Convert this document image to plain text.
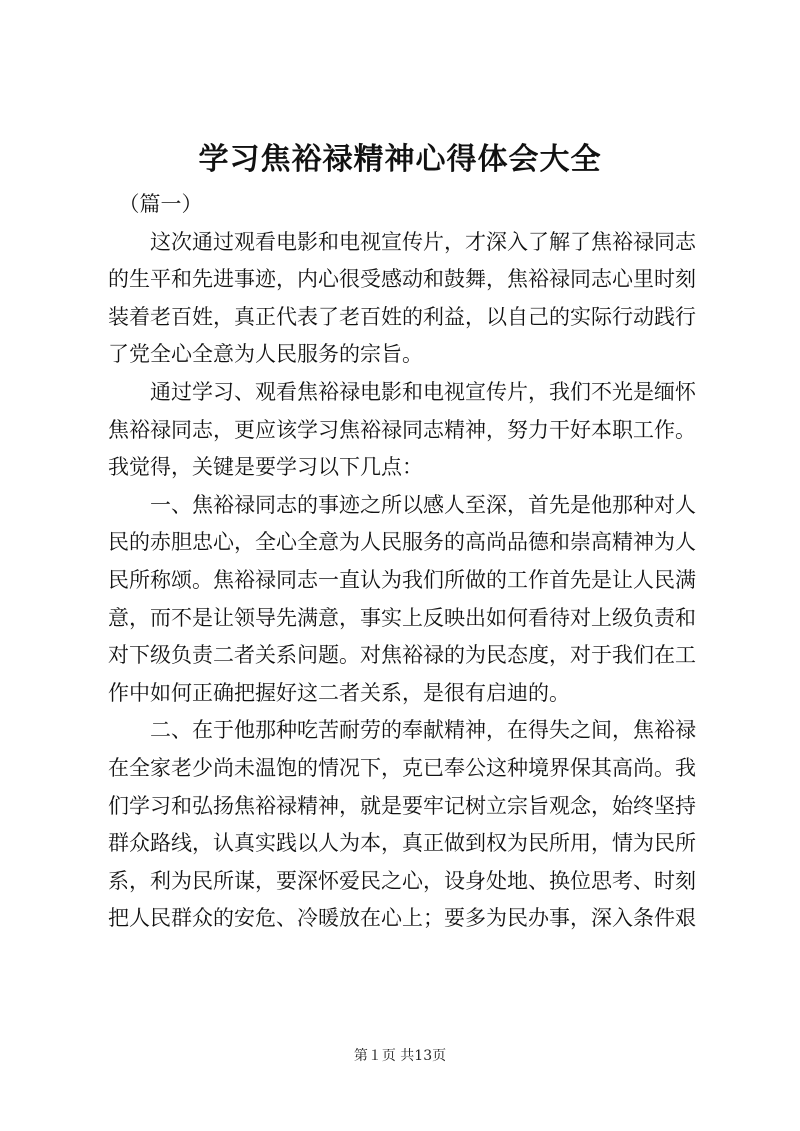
学习焦裕禄精神心得体会大全

　（篇一）

　　这次通过观看电影和电视宣传片，才深入了解了焦裕禄同志
的生平和先进事迹，内心很受感动和鼓舞，焦裕禄同志心里时刻
装着老百姓，真正代表了老百姓的利益，以自己的实际行动践行
了党全心全意为人民服务的宗旨。

　　通过学习、观看焦裕禄电影和电视宣传片，我们不光是缅怀
焦裕禄同志，更应该学习焦裕禄同志精神，努力干好本职工作。
我觉得，关键是要学习以下几点：

　　一、焦裕禄同志的事迹之所以感人至深，首先是他那种对人
民的赤胆忠心，全心全意为人民服务的高尚品德和崇高精神为人
民所称颂。焦裕禄同志一直认为我们所做的工作首先是让人民满
意，而不是让领导先满意，事实上反映出如何看待对上级负责和
对下级负责二者关系问题。对焦裕禄的为民态度，对于我们在工
作中如何正确把握好这二者关系，是很有启迪的。

　　二、在于他那种吃苦耐劳的奉献精神，在得失之间，焦裕禄
在全家老少尚未温饱的情况下，克已奉公这种境界保其高尚。我
们学习和弘扬焦裕禄精神，就是要牢记树立宗旨观念，始终坚持
群众路线，认真实践以人为本，真正做到权为民所用，情为民所
系，利为民所谋，要深怀爱民之心，设身处地、换位思考、时刻
把人民群众的安危、冷暖放在心上；要多为民办事，深入条件艰

第１页 共13页
